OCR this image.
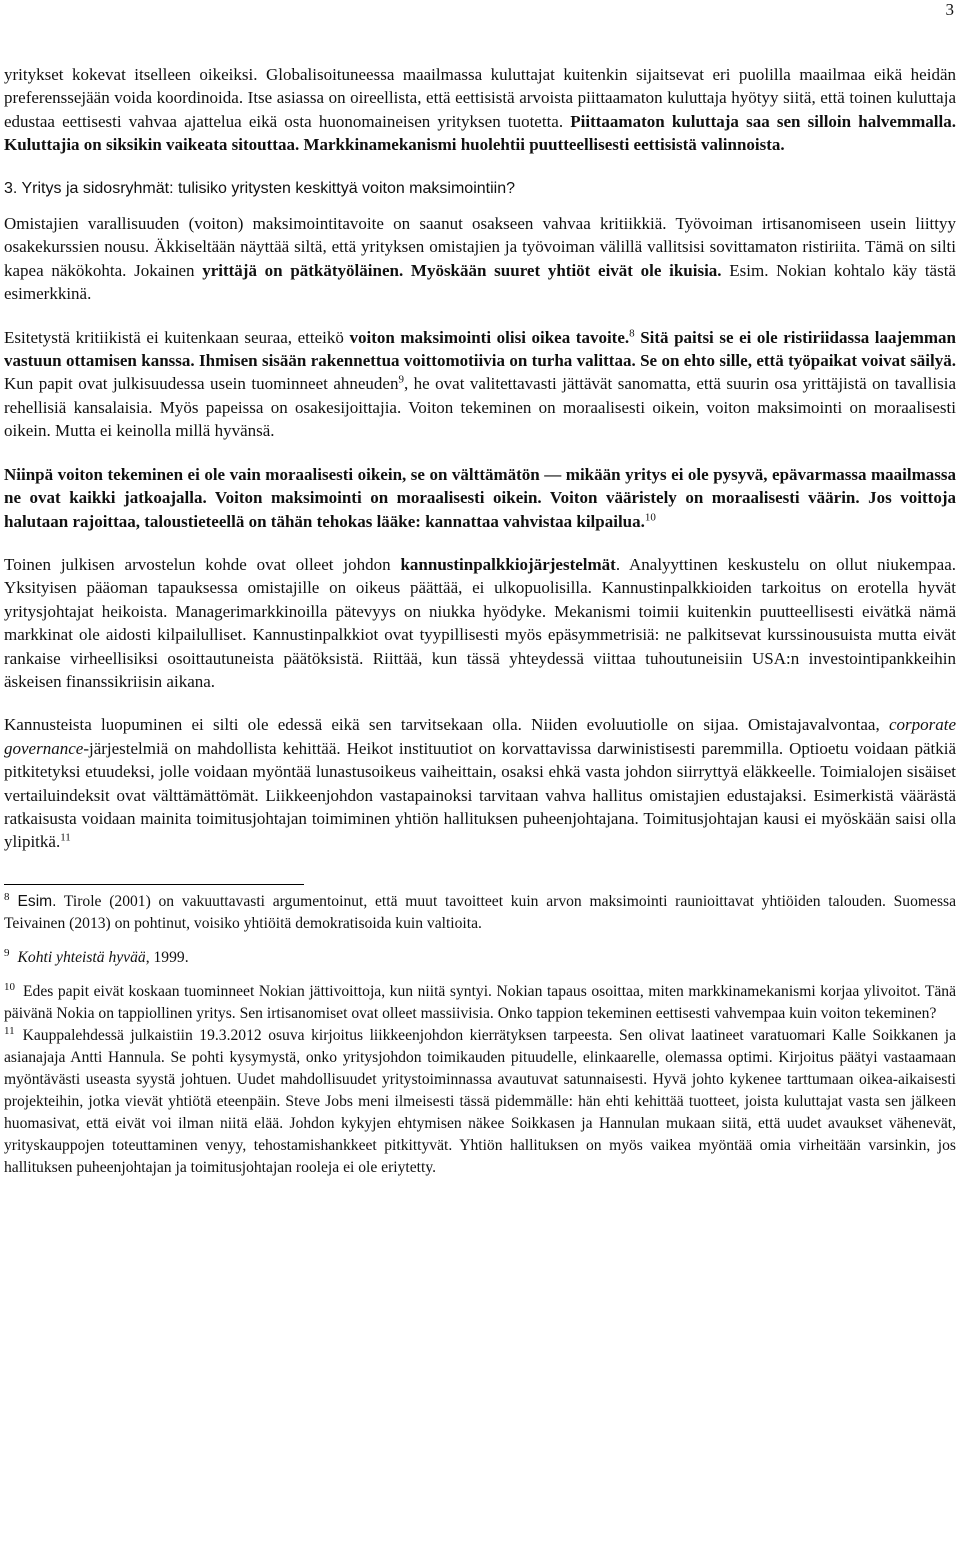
3

yritykset kokevat itselleen oikeiksi. Globalisoituneessa maailmassa kuluttajat kuitenkin sijaitsevat eri puolilla maailmaa eikä heidän preferenssejään voida koordinoida. Itse asiassa on oireellista, että eettisistä arvoista piittaamaton kuluttaja hyötyy siitä, että toinen kuluttaja edustaa eettisesti vahvaa ajattelua eikä osta huonomaineisen yrityksen tuotetta. Piittaamaton kuluttaja saa sen silloin halvemmalla. Kuluttajia on siksikin vaikeata sitouttaa. Markkinamekanismi huolehtii puutteellisesti eettisistä valinnoista.

3. Yritys ja sidosryhmät: tulisiko yritysten keskittyä voiton maksimointiin?

Omistajien varallisuuden (voiton) maksimointitavoite on saanut osakseen vahvaa kritiikkiä. Työvoiman irtisanomiseen usein liittyy osakekurssien nousu. Äkkiseltään näyttää siltä, että yrityksen omistajien ja työvoiman välillä vallitsisi sovittamaton ristiriita. Tämä on silti kapea näkökohta. Jokainen yrittäjä on pätkätyöläinen. Myöskään suuret yhtiöt eivät ole ikuisia. Esim. Nokian kohtalo käy tästä esimerkkinä.

Esitetystä kritiikistä ei kuitenkaan seuraa, etteikö voiton maksimointi olisi oikea tavoite.$^8$ Sitä paitsi se ei ole ristiriidassa laajemman vastuun ottamisen kanssa. Ihmisen sisään rakennettua voittomotiivia on turha valittaa. Se on ehto sille, että työpaikat voivat säilyä. Kun papit ovat julkisuudessa usein tuominneet ahneuden$^9$, he ovat valitettavasti jättävät sanomatta, että suurin osa yrittäjistä on tavallisia rehellisiä kansalaisia. Myös papeissa on osakesijoittajia. Voiton tekeminen on moraalisesti oikein, voiton maksimointi on moraalisesti oikein. Mutta ei keinolla millä hyvänsä.

Niinpä voiton tekeminen ei ole vain moraalisesti oikein, se on välttämätön — mikään yritys ei ole pysyvä, epävarmassa maailmassa ne ovat kaikki jatkoajalla. Voiton maksimointi on moraalisesti oikein. Voiton vääristely on moraalisesti väärin. Jos voittoja halutaan rajoittaa, taloustieteellä on tähän tehokas lääke: kannattaa vahvistaa kilpailua.$^{10}$

Toinen julkisen arvostelun kohde ovat olleet johdon kannustinpalkkiojärjestelmät. Analyyttinen keskustelu on ollut niukempaa. Yksityisen pääoman tapauksessa omistajille on oikeus päättää, ei ulkopuolisilla. Kannustinpalkkioiden tarkoitus on erotella hyvät yritysjohtajat heikoista. Managerimarkkinoilla pätevyys on niukka hyödyke. Mekanismi toimii kuitenkin puutteellisesti eivätkä nämä markkinat ole aidosti kilpailulliset. Kannustinpalkkiot ovat tyypillisesti myös epäsymmetrisiä: ne palkitsevat kurssinousuista mutta eivät rankaise virheellisiksi osoittautuneista päätöksistä. Riittää, kun tässä yhteydessä viittaa tuhoutuneisiin USA:n investointipankkeihin äskeisen finanssikriisin aikana.

Kannusteista luopuminen ei silti ole edessä eikä sen tarvitsekaan olla. Niiden evoluutiolle on sijaa. Omistajavalvontaa, corporate governance-järjestelmiä on mahdollista kehittää. Heikot instituutiot on korvattavissa darwinistisesti paremmilla. Optioetu voidaan pätkiä pitkitetyksi etuudeksi, jolle voidaan myöntää lunastusoikeus vaiheittain, osaksi ehkä vasta johdon siirryttyä eläkkeelle. Toimialojen sisäiset vertailuindeksit ovat välttämättömät. Liikkeenjohdon vastapainoksi tarvitaan vahva hallitus omistajien edustajaksi. Esimerkistä väärästä ratkaisusta voidaan mainita toimitusjohtajan toimiminen yhtiön hallituksen puheenjohtajana. Toimitusjohtajan kausi ei myöskään saisi olla ylipitkä.$^{11}$

$^8$ Esim. Tirole (2001) on vakuuttavasti argumentoinut, että muut tavoitteet kuin arvon maksimointi raunioittavat yhtiöiden talouden. Suomessa Teivainen (2013) on pohtinut, voisiko yhtiöitä demokratisoida kuin valtioita.

$^9$ Kohti yhteistä hyvää, 1999.

$^{10}$ Edes papit eivät koskaan tuominneet Nokian jättivoittoja, kun niitä syntyi. Nokian tapaus osoittaa, miten markkinamekanismi korjaa ylivoitot. Tänä päivänä Nokia on tappiollinen yritys. Sen irtisanomiset ovat olleet massiivisia. Onko tappion tekeminen eettisesti vahvempaa kuin voiton tekeminen?

$^{11}$ Kauppalehdessä julkaistiin 19.3.2012 osuva kirjoitus liikkeenjohdon kierrätyksen tarpeesta. Sen olivat laatineet varatuomari Kalle Soikkanen ja asianajaja Antti Hannula. Se pohti kysymystä, onko yritysjohdon toimikauden pituudelle, elinkaarelle, olemassa optimi. Kirjoitus päätyi vastaamaan myöntävästi useasta syystä johtuen. Uudet mahdollisuudet yritystoiminnassa avautuvat satunnaisesti. Hyvä johto kykenee tarttumaan oikea-aikaisesti projekteihin, jotka vievät yhtiötä eteenpäin. Steve Jobs meni ilmeisesti tässä pidemmälle: hän ehti kehittää tuotteet, joista kuluttajat vasta sen jälkeen huomasivat, että eivät voi ilman niitä elää. Johdon kykyjen ehtymisen näkee Soikkasen ja Hannulan mukaan siitä, että uudet avaukset vähenevät, yrityskauppojen toteuttaminen venyy, tehostamishankkeet pitkittyvät. Yhtiön hallituksen on myös vaikea myöntää omia virheitään varsinkin, jos hallituksen puheenjohtajan ja toimitusjohtajan rooleja ei ole eriytetty.
